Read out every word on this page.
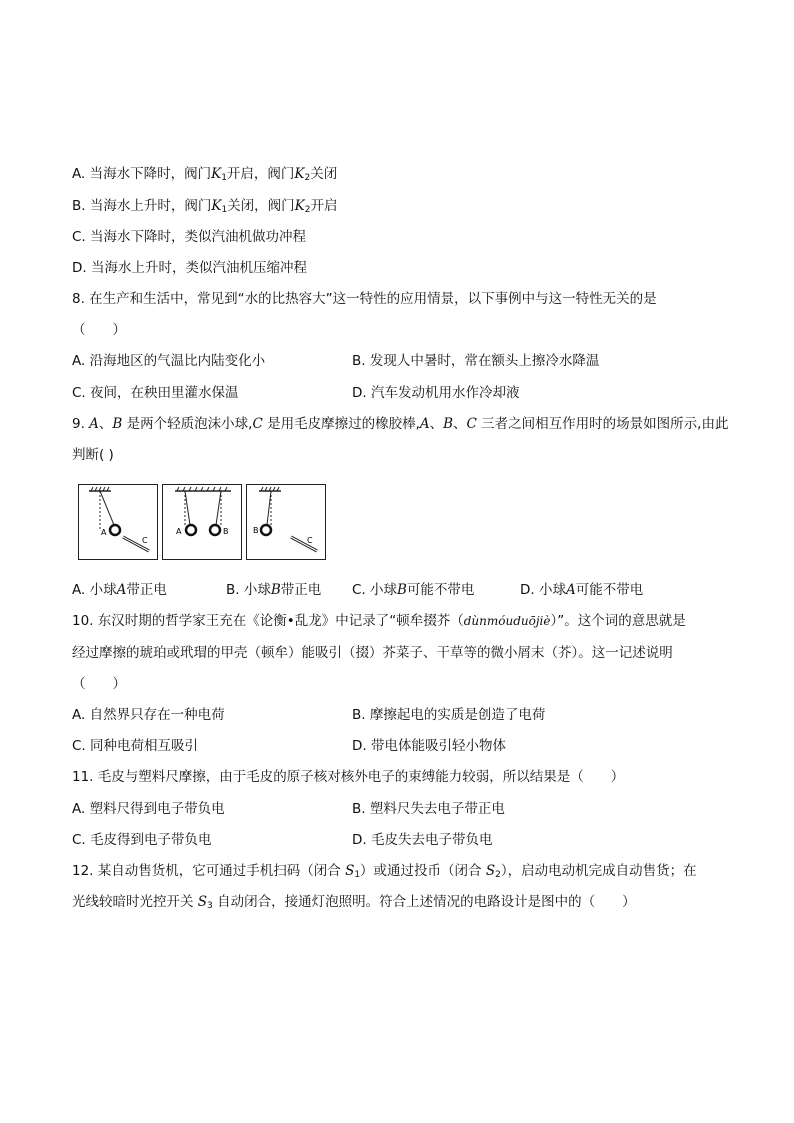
A. 当海水下降时，阀门$K_1$开启，阀门$K_2$关闭
B. 当海水上升时，阀门$K_1$关闭，阀门$K_2$开启
C. 当海水下降时，类似汽油机做功冲程
D. 当海水上升时，类似汽油机压缩冲程
8. 在生产和生活中，常见到“水的比热容大”这一特性的应用情景，以下事例中与这一特性无关的是
（　　）
A. 沿海地区的气温比内陆变化小	B. 发现人中暑时，常在额头上擦冷水降温
C. 夜间，在秧田里灌水保温	D. 汽车发动机用水作冷却液
9. A、B 是两个轻质泡沫小球,C 是用毛皮摩擦过的橡胶棒,A、B、C 三者之间相互作用时的场景如图所示,由此
判断( )
A
C
A	B	B
C
A. 小球A带正电	B. 小球B带正电 C. 小球B可能不带电	D. 小球A可能不带电
10. 东汉时期的哲学家王充在《论衡•乱龙》中记录了“顿牟掇芥（dùnmóuduōjiè）”。这个词的意思就是
经过摩擦的琥珀或玳瑁的甲壳（顿牟）能吸引（掇）芥菜子、干草等的微小屑末（芥）。这一记述说明
（　　）
A. 自然界只存在一种电荷	B. 摩擦起电的实质是创造了电荷
C. 同种电荷相互吸引	D. 带电体能吸引轻小物体
11. 毛皮与塑料尺摩擦，由于毛皮的原子核对核外电子的束缚能力较弱，所以结果是（　　）
A. 塑料尺得到电子带负电	B. 塑料尺失去电子带正电
C. 毛皮得到电子带负电	D. 毛皮失去电子带负电
12. 某自动售货机，它可通过手机扫码（闭合 $S_1$）或通过投币（闭合 $S_2$），启动电动机完成自动售货；在
光线较暗时光控开关 $S_3$ 自动闭合，接通灯泡照明。符合上述情况的电路设计是图中的（　　）
